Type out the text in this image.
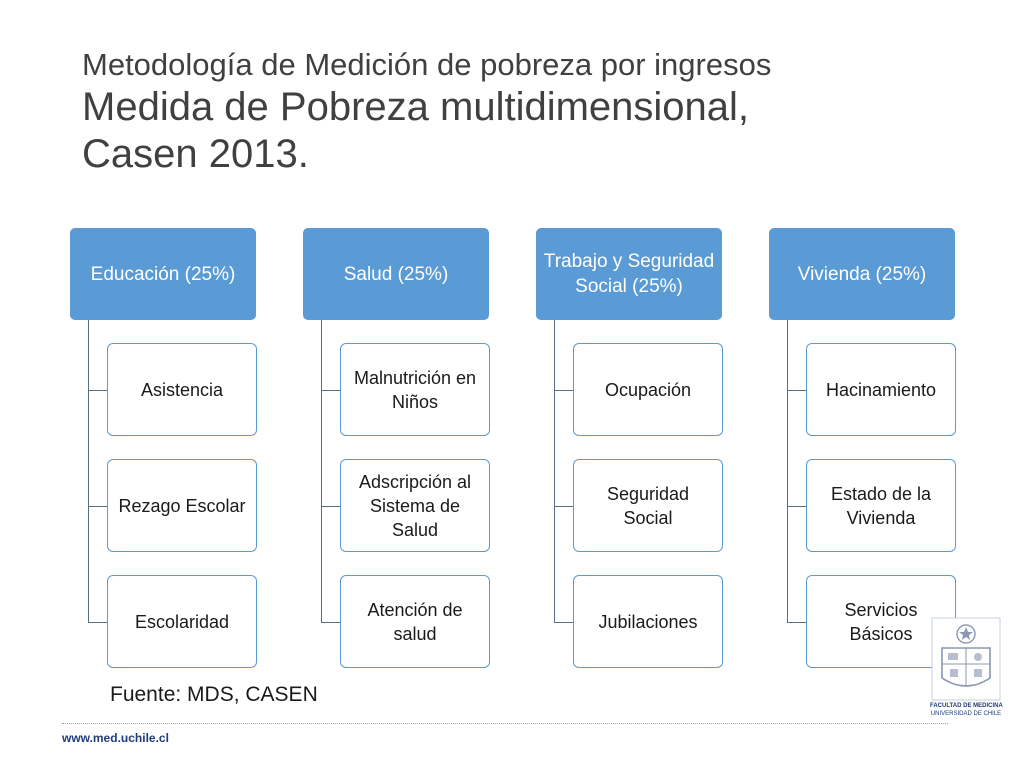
Metodología de Medición de pobreza por ingresos
Medida de Pobreza multidimensional, Casen 2013.
Educación (25%)
Asistencia
Rezago Escolar
Escolaridad
Salud (25%)
Malnutrición en Niños
Adscripción al Sistema de Salud
Atención de salud
Trabajo y Seguridad Social (25%)
Ocupación
Seguridad Social
Jubilaciones
Vivienda (25%)
Hacinamiento
Estado de la Vivienda
Servicios Básicos
Fuente: MDS, CASEN
www.med.uchile.cl
FACULTAD DE MEDICINA
UNIVERSIDAD DE CHILE
